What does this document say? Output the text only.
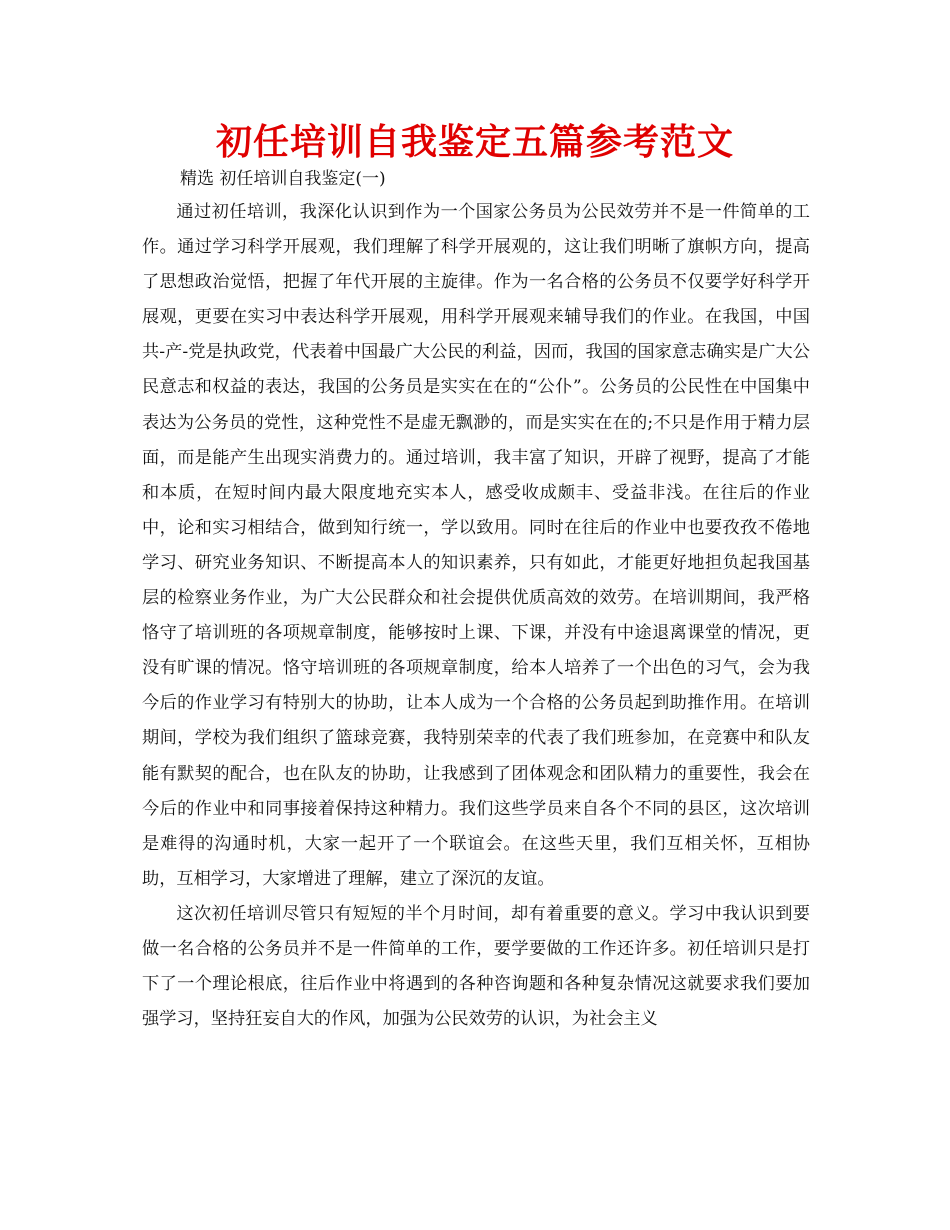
初任培训自我鉴定五篇参考范文
精选 初任培训自我鉴定(一)

通过初任培训，我深化认识到作为一个国家公务员为公民效劳并不是一件简单的工作。通过学习科学开展观，我们理解了科学开展观的，这让我们明晰了旗帜方向，提高了思想政治觉悟，把握了年代开展的主旋律。作为一名合格的公务员不仅要学好科学开展观，更要在实习中表达科学开展观，用科学开展观来辅导我们的作业。在我国，中国共-产-党是执政党，代表着中国最广大公民的利益，因而，我国的国家意志确实是广大公民意志和权益的表达，我国的公务员是实实在在的“公仆”。公务员的公民性在中国集中表达为公务员的党性，这种党性不是虚无飘渺的，而是实实在在的;不只是作用于精力层面，而是能产生出现实消费力的。通过培训，我丰富了知识，开辟了视野，提高了才能和本质，在短时间内最大限度地充实本人，感受收成颇丰、受益非浅。在往后的作业中，论和实习相结合，做到知行统一，学以致用。同时在往后的作业中也要孜孜不倦地学习、研究业务知识、不断提高本人的知识素养，只有如此，才能更好地担负起我国基层的检察业务作业，为广大公民群众和社会提供优质高效的效劳。在培训期间，我严格恪守了培训班的各项规章制度，能够按时上课、下课，并没有中途退离课堂的情况，更没有旷课的情况。恪守培训班的各项规章制度，给本人培养了一个出色的习气，会为我今后的作业学习有特别大的协助，让本人成为一个合格的公务员起到助推作用。在培训期间，学校为我们组织了篮球竞赛，我特别荣幸的代表了我们班参加，在竞赛中和队友能有默契的配合，也在队友的协助，让我感到了团体观念和团队精力的重要性，我会在今后的作业中和同事接着保持这种精力。我们这些学员来自各个不同的县区，这次培训是难得的沟通时机，大家一起开了一个联谊会。在这些天里，我们互相关怀，互相协助，互相学习，大家增进了理解，建立了深沉的友谊。

这次初任培训尽管只有短短的半个月时间，却有着重要的意义。学习中我认识到要做一名合格的公务员并不是一件简单的工作，要学要做的工作还许多。初任培训只是打下了一个理论根底，往后作业中将遇到的各种咨询题和各种复杂情况这就要求我们要加强学习，坚持狂妄自大的作风，加强为公民效劳的认识，为社会主义
